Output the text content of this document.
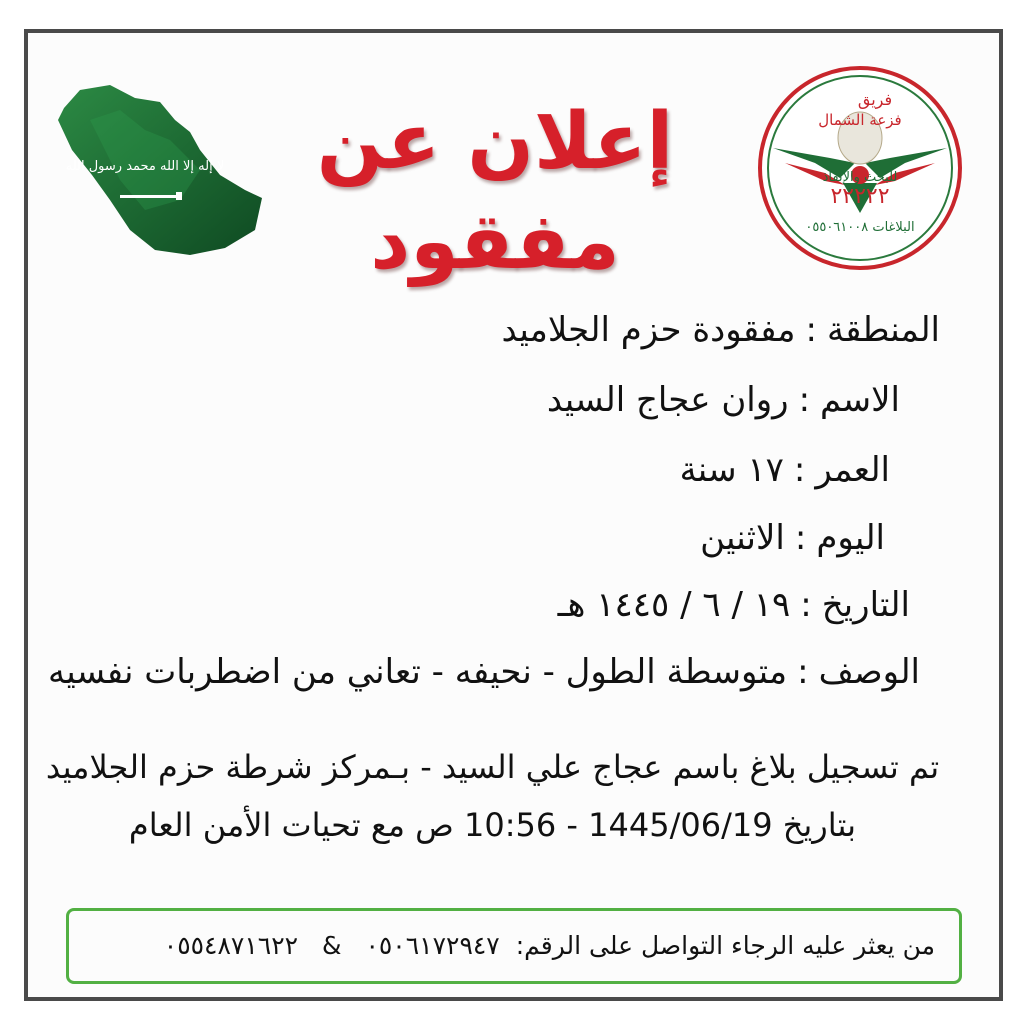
لا إله إلا الله محمد رسول الله	إعلان عن مفقود
فريق
فزعة الشمال
للبحث والإنقاذ
٢٢٢٢٢
البلاغات ٠٥٥٠٦١٠٠٨
المنطقة:مفقودة حزم الجلاميد
الاسم:روان عجاج السيد
العمر:١٧ سنة
اليوم:الاثنين
التاريخ:١٩ / ٦ / ١٤٤٥ هـ
الوصف:متوسطة الطول - نحيفه - تعاني من اضطربات نفسيه
تم تسجيل بلاغ باسم عجاج علي السيد - بـمركز شرطة حزم الجلاميد
بتاريخ 1445/06/19 - 10:56 ص مع تحيات الأمن العام
من يعثر عليه الرجاء التواصل على الرقم: ٠٥٠٦١٧٢٩٤٧ & ٠٥٥٤٨٧١٦٢٢
